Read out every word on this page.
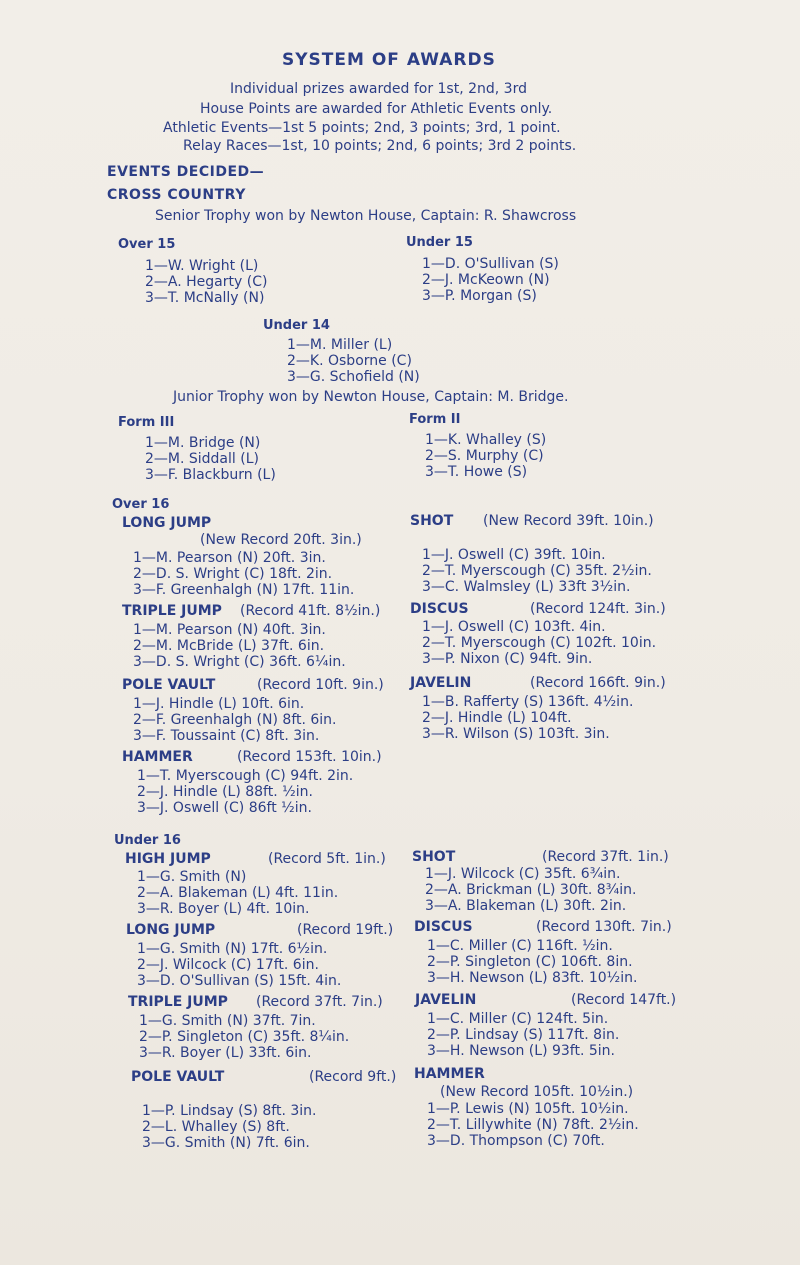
SYSTEM OF AWARDS
Individual prizes awarded for 1st, 2nd, 3rd
House Points are awarded for Athletic Events only.
Athletic Events—1st 5 points; 2nd, 3 points; 3rd, 1 point.
Relay Races—1st, 10 points; 2nd, 6 points; 3rd 2 points.
EVENTS DECIDED—
CROSS COUNTRY
Senior Trophy won by Newton House, Captain: R. Shawcross
Over 15
1—W. Wright (L)
2—A. Hegarty (C)
3—T. McNally (N)
Under 15
1—D. O'Sullivan (S)
2—J. McKeown (N)
3—P. Morgan (S)
Under 14
1—M. Miller (L)
2—K. Osborne (C)
3—G. Schofield (N)
Junior Trophy won by Newton House, Captain: M. Bridge.
Form III
1—M. Bridge (N)
2—M. Siddall (L)
3—F. Blackburn (L)
Form II
1—K. Whalley (S)
2—S. Murphy (C)
3—T. Howe (S)
Over 16
LONG JUMP
(New Record 20ft. 3in.)
1—M. Pearson (N) 20ft. 3in.
2—D. S. Wright (C) 18ft. 2in.
3—F. Greenhalgh (N) 17ft. 11in.
TRIPLE JUMP (Record 41ft. 8½in.)
1—M. Pearson (N) 40ft. 3in.
2—M. McBride (L) 37ft. 6in.
3—D. S. Wright (C) 36ft. 6¼in.
POLE VAULT	(Record 10ft. 9in.)
1—J. Hindle (L) 10ft. 6in.
2—F. Greenhalgh (N) 8ft. 6in.
3—F. Toussaint (C) 8ft. 3in.
HAMMER	(Record 153ft. 10in.)
1—T. Myerscough (C) 94ft. 2in.
2—J. Hindle (L) 88ft. ½in.
3—J. Oswell (C) 86ft ½in.
SHOT (New Record 39ft. 10in.)
1—J. Oswell (C) 39ft. 10in.
2—T. Myerscough (C) 35ft. 2½in.
3—C. Walmsley (L) 33ft 3½in.
DISCUS	(Record 124ft. 3in.)
1—J. Oswell (C) 103ft. 4in.
2—T. Myerscough (C) 102ft. 10in.
3—P. Nixon (C) 94ft. 9in.
JAVELIN	(Record 166ft. 9in.)
1—B. Rafferty (S) 136ft. 4½in.
2—J. Hindle (L) 104ft.
3—R. Wilson (S) 103ft. 3in.
Under 16
HIGH JUMP	(Record 5ft. 1in.)
1—G. Smith (N)
2—A. Blakeman (L) 4ft. 11in.
3—R. Boyer (L) 4ft. 10in.
LONG JUMP	(Record 19ft.)
1—G. Smith (N) 17ft. 6½in.
2—J. Wilcock (C) 17ft. 6in.
3—D. O'Sullivan (S) 15ft. 4in.
TRIPLE JUMP (Record 37ft. 7in.)
1—G. Smith (N) 37ft. 7in.
2—P. Singleton (C) 35ft. 8¼in.
3—R. Boyer (L) 33ft. 6in.
POLE VAULT	(Record 9ft.)
1—P. Lindsay (S) 8ft. 3in.
2—L. Whalley (S) 8ft.
3—G. Smith (N) 7ft. 6in.
SHOT	(Record 37ft. 1in.)
1—J. Wilcock (C) 35ft. 6¾in.
2—A. Brickman (L) 30ft. 8¾in.
3—A. Blakeman (L) 30ft. 2in.
DISCUS	(Record 130ft. 7in.)
1—C. Miller (C) 116ft. ½in.
2—P. Singleton (C) 106ft. 8in.
3—H. Newson (L) 83ft. 10½in.
JAVELIN	(Record 147ft.)
1—C. Miller (C) 124ft. 5in.
2—P. Lindsay (S) 117ft. 8in.
3—H. Newson (L) 93ft. 5in.
HAMMER
(New Record 105ft. 10½in.)
1—P. Lewis (N) 105ft. 10½in.
2—T. Lillywhite (N) 78ft. 2½in.
3—D. Thompson (C) 70ft.
